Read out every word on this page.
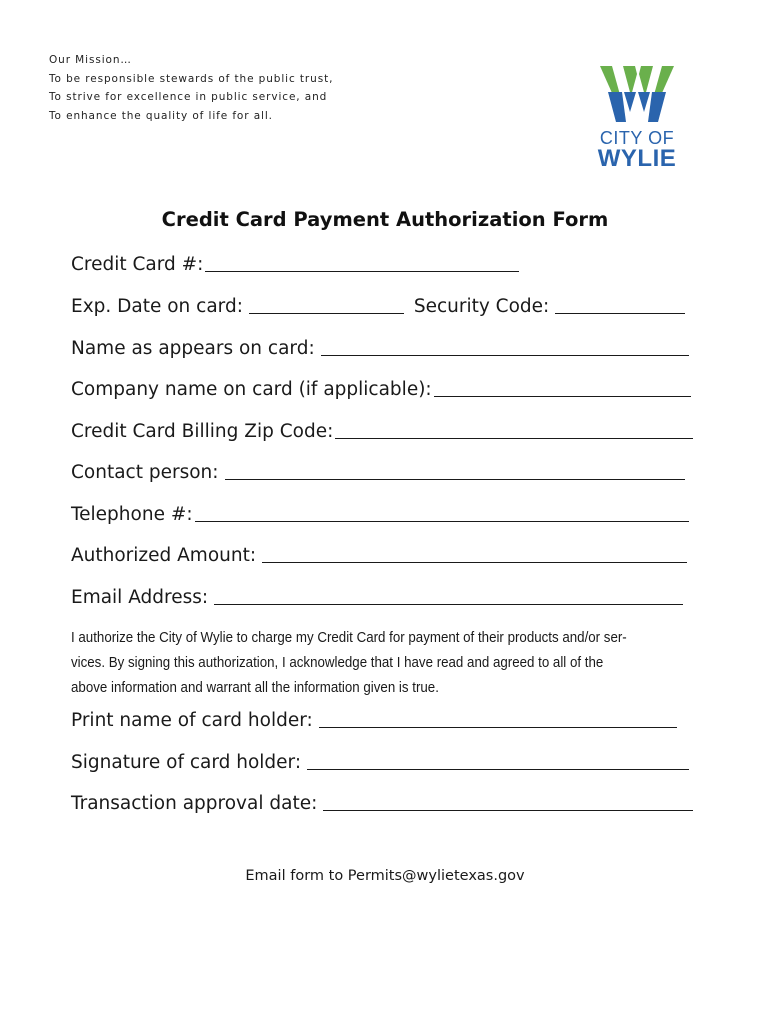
Our Mission…
To be responsible stewards of the public trust,
To strive for excellence in public service, and
To enhance the quality of life for all.
CITY OF
WYLIE
Credit Card Payment Authorization Form
Credit Card #:
Exp. Date on card:	Security Code:
Name as appears on card:
Company name on card (if applicable):
Credit Card Billing Zip Code:
Contact person:
Telephone #:
Authorized Amount:
Email Address:
I authorize the City of Wylie to charge my Credit Card for payment of their products and/or ser-
vices. By signing this authorization, I acknowledge that I have read and agreed to all of the
above information and warrant all the information given is true.
Print name of card holder:
Signature of card holder:
Transaction approval date:
Email form to Permits@wylietexas.gov
